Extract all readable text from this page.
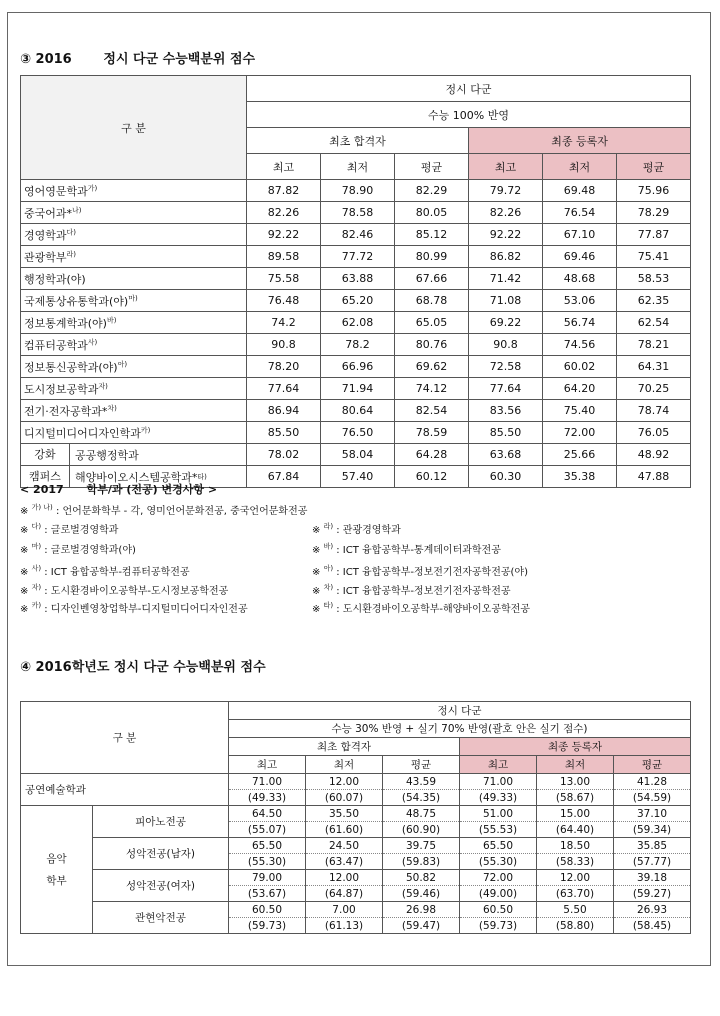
③ 2016       정시 다군 수능백분위 점수
구 분	정시 다군					
	수능 100% 반영					
	최초 합격자			최종 등록자		
	최고	최저	평균	최고	최저	평균
영어영문학과$^{가)}$	87.82	78.90	82.29	79.72	69.48	75.96
중국어과*$^{나)}$	82.26	78.58	80.05	82.26	76.54	78.29
경영학과$^{다)}$	92.22	82.46	85.12	92.22	67.10	77.87
관광학부$^{라)}$	89.58	77.72	80.99	86.82	69.46	75.41
행정학과(야)	75.58	63.88	67.66	71.42	48.68	58.53
국제통상유통학과(야)$^{마)}$	76.48	65.20	68.78	71.08	53.06	62.35
정보통계학과(야)$^{바)}$	74.2	62.08	65.05	69.22	56.74	62.54
컴퓨터공학과$^{사)}$	90.8	78.2	80.76	90.8	74.56	78.21
정보통신공학과(야)$^{아)}$	78.20	66.96	69.62	72.58	60.02	64.31
도시정보공학과$^{자)}$	77.64	71.94	74.12	77.64	64.20	70.25
전기·전자공학과*$^{차)}$	86.94	80.64	82.54	83.56	75.40	78.74
디지털미디어디자인학과$^{카)}$	85.50	76.50	78.59	85.50	72.00	76.05

강화 공공행정학과	78.02	58.04	64.28	63.68	25.66	48.92

캠퍼스 해양바이오시스템공학과* 타)	67.84	57.40	60.12	60.30	35.38	47.88
< 2017      학부/과 (전공) 변경사항 >
※ $^{가) 나)}$ : 언어문화학부 - 각, 영미언어문화전공, 중국언어문화전공
※ $^{다)}$ : 글로벌경영학과	※ $^{라)}$ : 관광경영학과
※ $^{마)}$ : 글로벌경영학과(야)	※ $^{바)}$ : ICT 융합공학부-통계데이터과학전공
※ $^{사)}$ : ICT 융합공학부-컴퓨터공학전공	※ $^{아)}$ : ICT 융합공학부-정보전기전자공학전공(야)
※ $^{자)}$ : 도시환경바이오공학부-도시정보공학전공	※ $^{차)}$ : ICT 융합공학부-정보전기전자공학전공
※ $^{카)}$ : 디자인벤영창업학부-디지털미디어디자인전공	※ $^{타)}$ : 도시환경바이오공학부-해양바이오공학전공
④ 2016학년도 정시 다군 수능백분위 점수
구 분		정시 다군					
		수능 30% 반영 + 실기 70% 반영(괄호 안은 실기 점수)					
		최초 합격자			최종 등록자		
		최고	최저	평균	최고	최저	평균
공연예술학과		71.00	12.00	43.59	71.00	13.00	41.28
		(49.33)	(60.07)	(54.35)	(49.33)	(58.67)	(54.59)

음악
학부	피아노전공	64.50	35.50	48.75	51.00	15.00	37.10
		(55.07)	(61.60)	(60.90)	(55.53)	(64.40)	(59.34)
	성악전공(남자)	65.50	24.50	39.75	65.50	18.50	35.85
		(55.30)	(63.47)	(59.83)	(55.30)	(58.33)	(57.77)
	성악전공(여자)	79.00	12.00	50.82	72.00	12.00	39.18
		(53.67)	(64.87)	(59.46)	(49.00)	(63.70)	(59.27)
	관현악전공	60.50	7.00	26.98	60.50	5.50	26.93
		(59.73)	(61.13)	(59.47)	(59.73)	(58.80)	(58.45)
